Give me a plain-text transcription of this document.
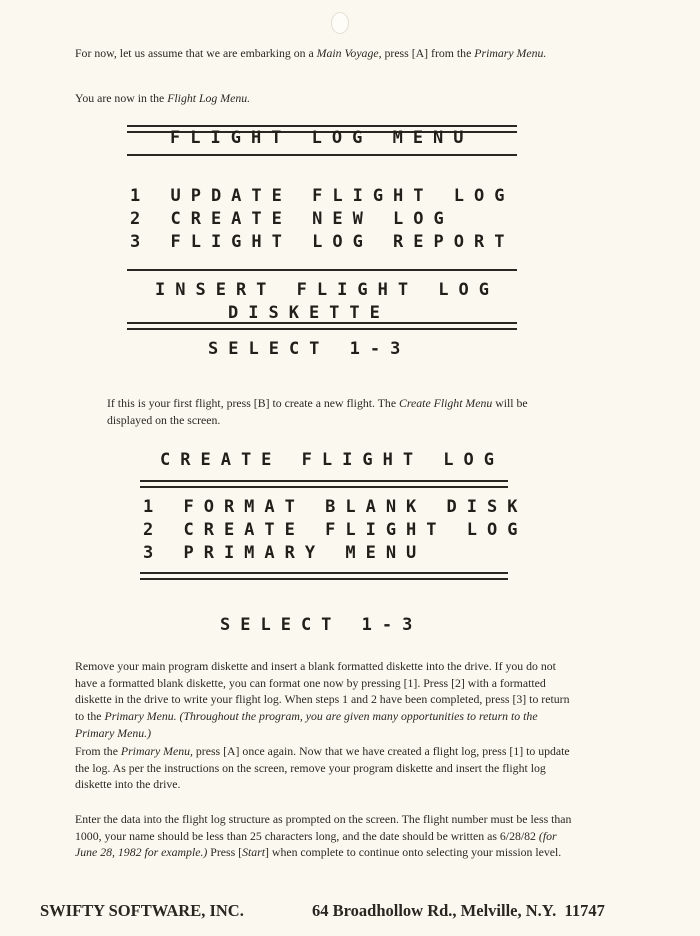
For now, let us assume that we are embarking on a Main Voyage, press [A] from the Primary Menu.

You are now in the Flight Log Menu.

FLIGHT LOG MENU
1 UPDATE FLIGHT LOG
2 CREATE NEW LOG
3 FLIGHT LOG REPORT
INSERT FLIGHT LOG
DISKETTE
SELECT 1-3

If this is your first flight, press [B] to create a new flight. The Create Flight Menu will be displayed on the screen.

CREATE FLIGHT LOG
1 FORMAT BLANK DISK
2 CREATE FLIGHT LOG
3 PRIMARY MENU
SELECT 1-3

Remove your main program diskette and insert a blank formatted diskette into the drive. If you do not have a formatted blank diskette, you can format one now by pressing [1]. Press [2] with a formatted diskette in the drive to write your flight log. When steps 1 and 2 have been completed, press [3] to return to the Primary Menu. (Throughout the program, you are given many opportunities to return to the Primary Menu.)

From the Primary Menu, press [A] once again. Now that we have created a flight log, press [1] to update the log. As per the instructions on the screen, remove your program diskette and insert the flight log diskette into the drive.

Enter the data into the flight log structure as prompted on the screen. The flight number must be less than 1000, your name should be less than 25 characters long, and the date should be written as 6/28/82 (for June 28, 1982 for example.) Press [Start] when complete to continue onto selecting your mission level.

SWIFTY SOFTWARE, INC.	64 Broadhollow Rd., Melville, N.Y.  11747
